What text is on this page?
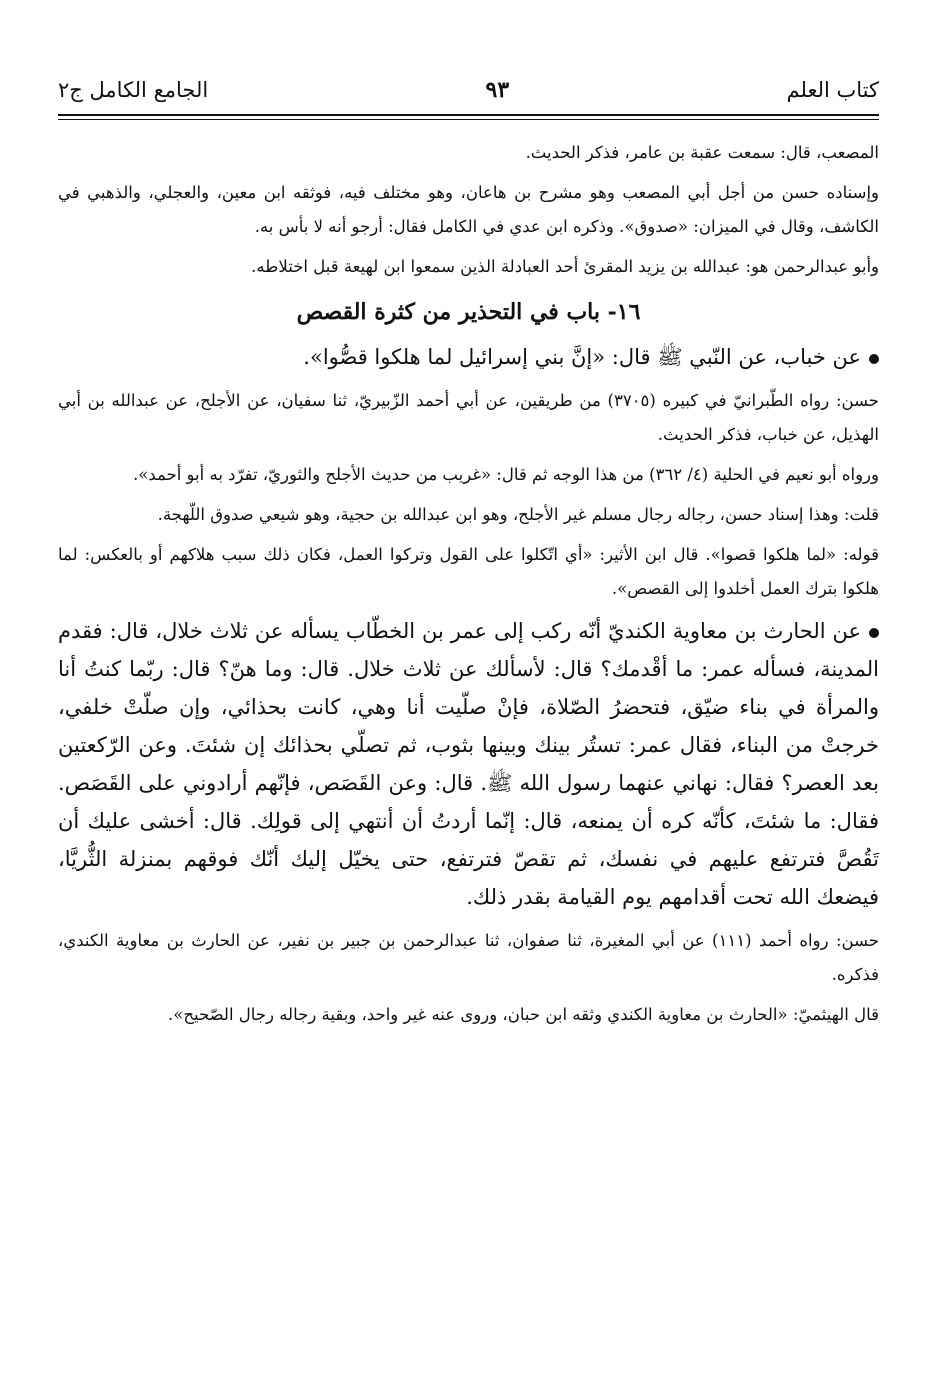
كتاب العلم
٩٣
الجامع الكامل ج٢

المصعب، قال: سمعت عقبة بن عامر، فذكر الحديث.

وإسناده حسن من أجل أبي المصعب وهو مشرح بن هاعان، وهو مختلف فيه، فوثقه ابن معين، والعجلي، والذهبي في الكاشف، وقال في الميزان: «صدوق». وذكره ابن عدي في الكامل فقال: أرجو أنه لا بأس به.

وأبو عبدالرحمن هو: عبدالله بن يزيد المقرئ أحد العبادلة الذين سمعوا ابن لهيعة قبل اختلاطه.

١٦- باب في التحذير من كثرة القصص

عن خباب، عن النّبي ﷺ قال: «إنَّ بني إسرائيل لما هلكوا قصُّوا».

حسن: رواه الطّبرانيّ في كبيره (٣٧٠٥) من طريقين، عن أبي أحمد الزّبيريّ، ثنا سفيان، عن الأجلح، عن عبدالله بن أبي الهذيل، عن خباب، فذكر الحديث.

ورواه أبو نعيم في الحلية (٤/ ٣٦٢) من هذا الوجه ثم قال: «غريب من حديث الأجلح والثوريّ، تفرّد به أبو أحمد».

قلت: وهذا إسناد حسن، رجاله رجال مسلم غير الأجلح، وهو ابن عبدالله بن حجية، وهو شيعي صدوق اللّهجة.

قوله: «لما هلكوا قصوا». قال ابن الأثير: «أي اتّكلوا على القول وتركوا العمل، فكان ذلك سبب هلاكهم أو بالعكس: لما هلكوا بترك العمل أخلدوا إلى القصص».

عن الحارث بن معاوية الكنديّ أنّه ركب إلى عمر بن الخطّاب يسأله عن ثلاث خلال، قال: فقدم المدينة، فسأله عمر: ما أقْدمك؟ قال: لأسألك عن ثلاث خلال. قال: وما هنّ؟ قال: ربّما كنتُ أنا والمرأة في بناء ضيّق، فتحضرُ الصّلاة، فإنْ صلّيت أنا وهي، كانت بحذائي، وإن صلّتْ خلفي، خرجتْ من البناء، فقال عمر: تستُر بينك وبينها بثوب، ثم تصلّي بحذائك إن شئتَ. وعن الرّكعتين بعد العصر؟ فقال: نهاني عنهما رسول الله ﷺ. قال: وعن القَصَص، فإنّهم أرادوني على القَصَص. فقال: ما شئتَ، كأنّه كره أن يمنعه، قال: إنّما أردتُ أن أنتهي إلى قولِك. قال: أخشى عليك أن تَقُصَّ فترتفع عليهم في نفسك، ثم تقصّ فترتفع، حتى يخيّل إليك أنّك فوقهم بمنزلة الثُّريَّا، فيضعك الله تحت أقدامهم يوم القيامة بقدر ذلك.

حسن: رواه أحمد (١١١) عن أبي المغيرة، ثنا صفوان، ثنا عبدالرحمن بن جبير بن نفير، عن الحارث بن معاوية الكندي، فذكره.

قال الهيثميّ: «الحارث بن معاوية الكندي وثقه ابن حبان، وروى عنه غير واحد، وبقية رجاله رجال الصّحيح».
